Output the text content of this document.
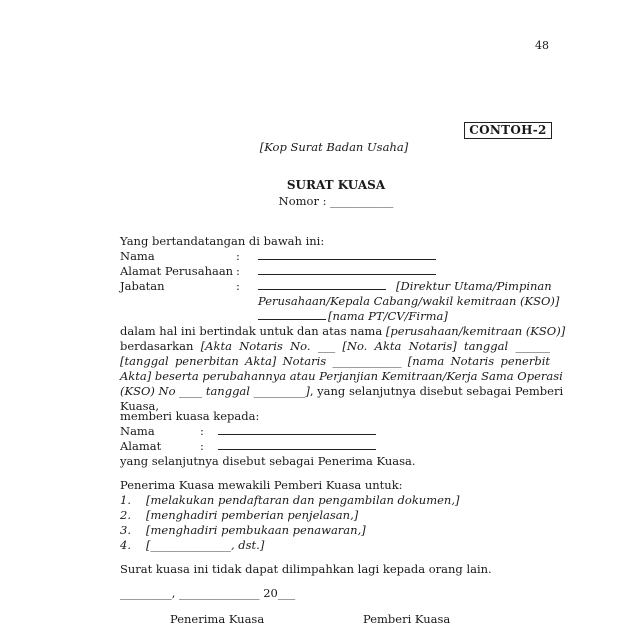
48
CONTOH-2
[Kop Surat Badan Usaha]
SURAT KUASA
Nomor : ___________
Yang bertandatangan di bawah ini:
Nama	:
Alamat Perusahaan :
Jabatan	:	[Direktur Utama/Pimpinan
Perusahaan/Kepala Cabang/wakil kemitraan (KSO)]
[nama PT/CV/Firma]
dalam hal ini bertindak untuk dan atas nama [perusahaan/kemitraan (KSO)]
berdasarkan [Akta Notaris No. ___ [No. Akta Notaris] tanggal ______
[tanggal penerbitan Akta] Notaris ____________ [nama Notaris penerbit
Akta] beserta perubahannya atau Perjanjian Kemitraan/Kerja Sama Operasi
(KSO) No ____ tanggal _________], yang selanjutnya disebut sebagai Pemberi
Kuasa,
memberi kuasa kepada:
Nama	:
Alamat	:
yang selanjutnya disebut sebagai Penerima Kuasa.
Penerima Kuasa mewakili Pemberi Kuasa untuk:
1. [melakukan pendaftaran dan pengambilan dokumen,]
2. [menghadiri pemberian penjelasan,]
3. [menghadiri pembukaan penawaran,]
4. [______________, dst.]
Surat kuasa ini tidak dapat dilimpahkan lagi kepada orang lain.
_________, ______________ 20___
Penerima Kuasa	Pemberi Kuasa
